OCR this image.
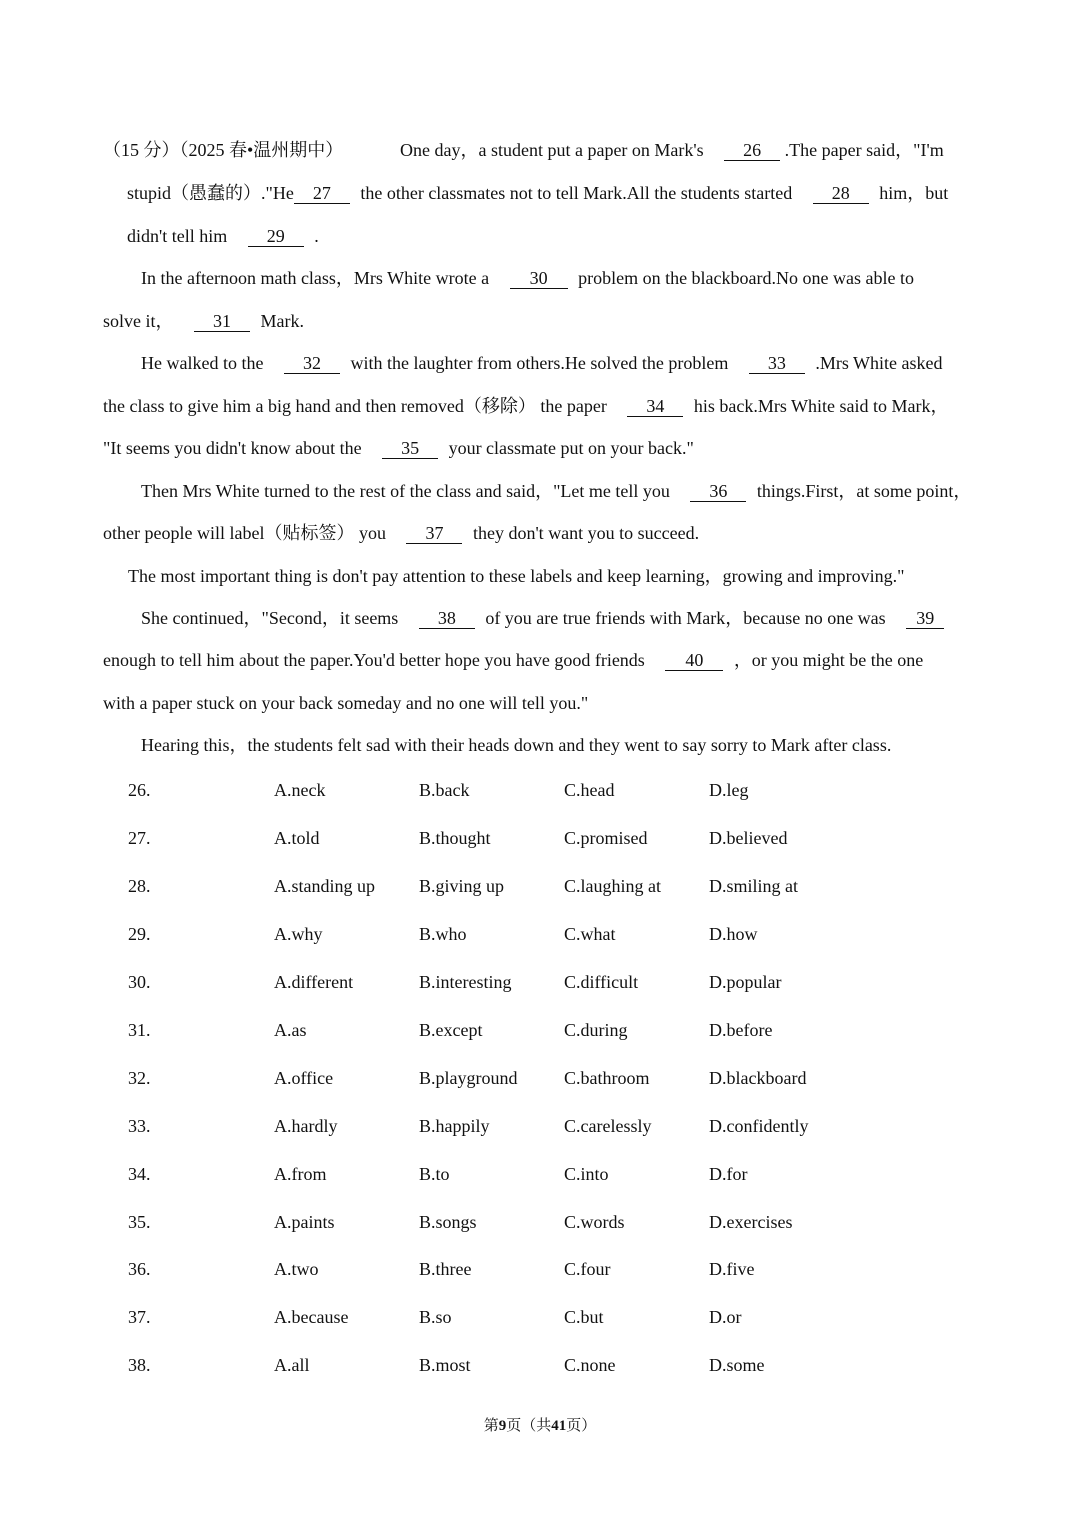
（15 分）（2025 春•温州期中）	One day，a student put a paper on Mark's 26 .The paper said，"I'm
stupid（愚蠢的）."He 27 the other classmates not to tell Mark.All the students started 28 him，but
didn't tell him 29 .
In the afternoon math class，Mrs White wrote a 30 problem on the blackboard.No one was able to
solve it， 31 Mark.
He walked to the 32 with the laughter from others.He solved the problem 33 .Mrs White asked
the class to give him a big hand and then removed（移除） the paper 34 his back.Mrs White said to Mark，
"It seems you didn't know about the 35 your classmate put on your back."
Then Mrs White turned to the rest of the class and said，"Let me tell you 36 things.First，at some point，
other people will label（贴标签） you 37 they don't want you to succeed.
The most important thing is don't pay attention to these labels and keep learning，growing and improving."
She continued，"Second，it seems 38 of you are true friends with Mark，because no one was 39
enough to tell him about the paper.You'd better hope you have good friends 40 ，or you might be the one
with a paper stuck on your back someday and no one will tell you."
Hearing this，the students felt sad with their heads down and they went to say sorry to Mark after class.
26.	A.neck	B.back	C.head	D.leg
27.	A.told	B.thought	C.promised	D.believed
28.	A.standing up B.giving up	C.laughing at	D.smiling at
29.	A.why	B.who	C.what	D.how
30.	A.different	B.interesting	C.difficult	D.popular
31.	A.as	B.except	C.during	D.before
32.	A.office	B.playground	C.bathroom	D.blackboard
33.	A.hardly	B.happily	C.carelessly	D.confidently
34.	A.from	B.to	C.into	D.for
35.	A.paints	B.songs	C.words	D.exercises
36.	A.two	B.three	C.four	D.five
37.	A.because	B.so	C.but	D.or
38.	A.all	B.most	C.none	D.some
第9页（共41页）
